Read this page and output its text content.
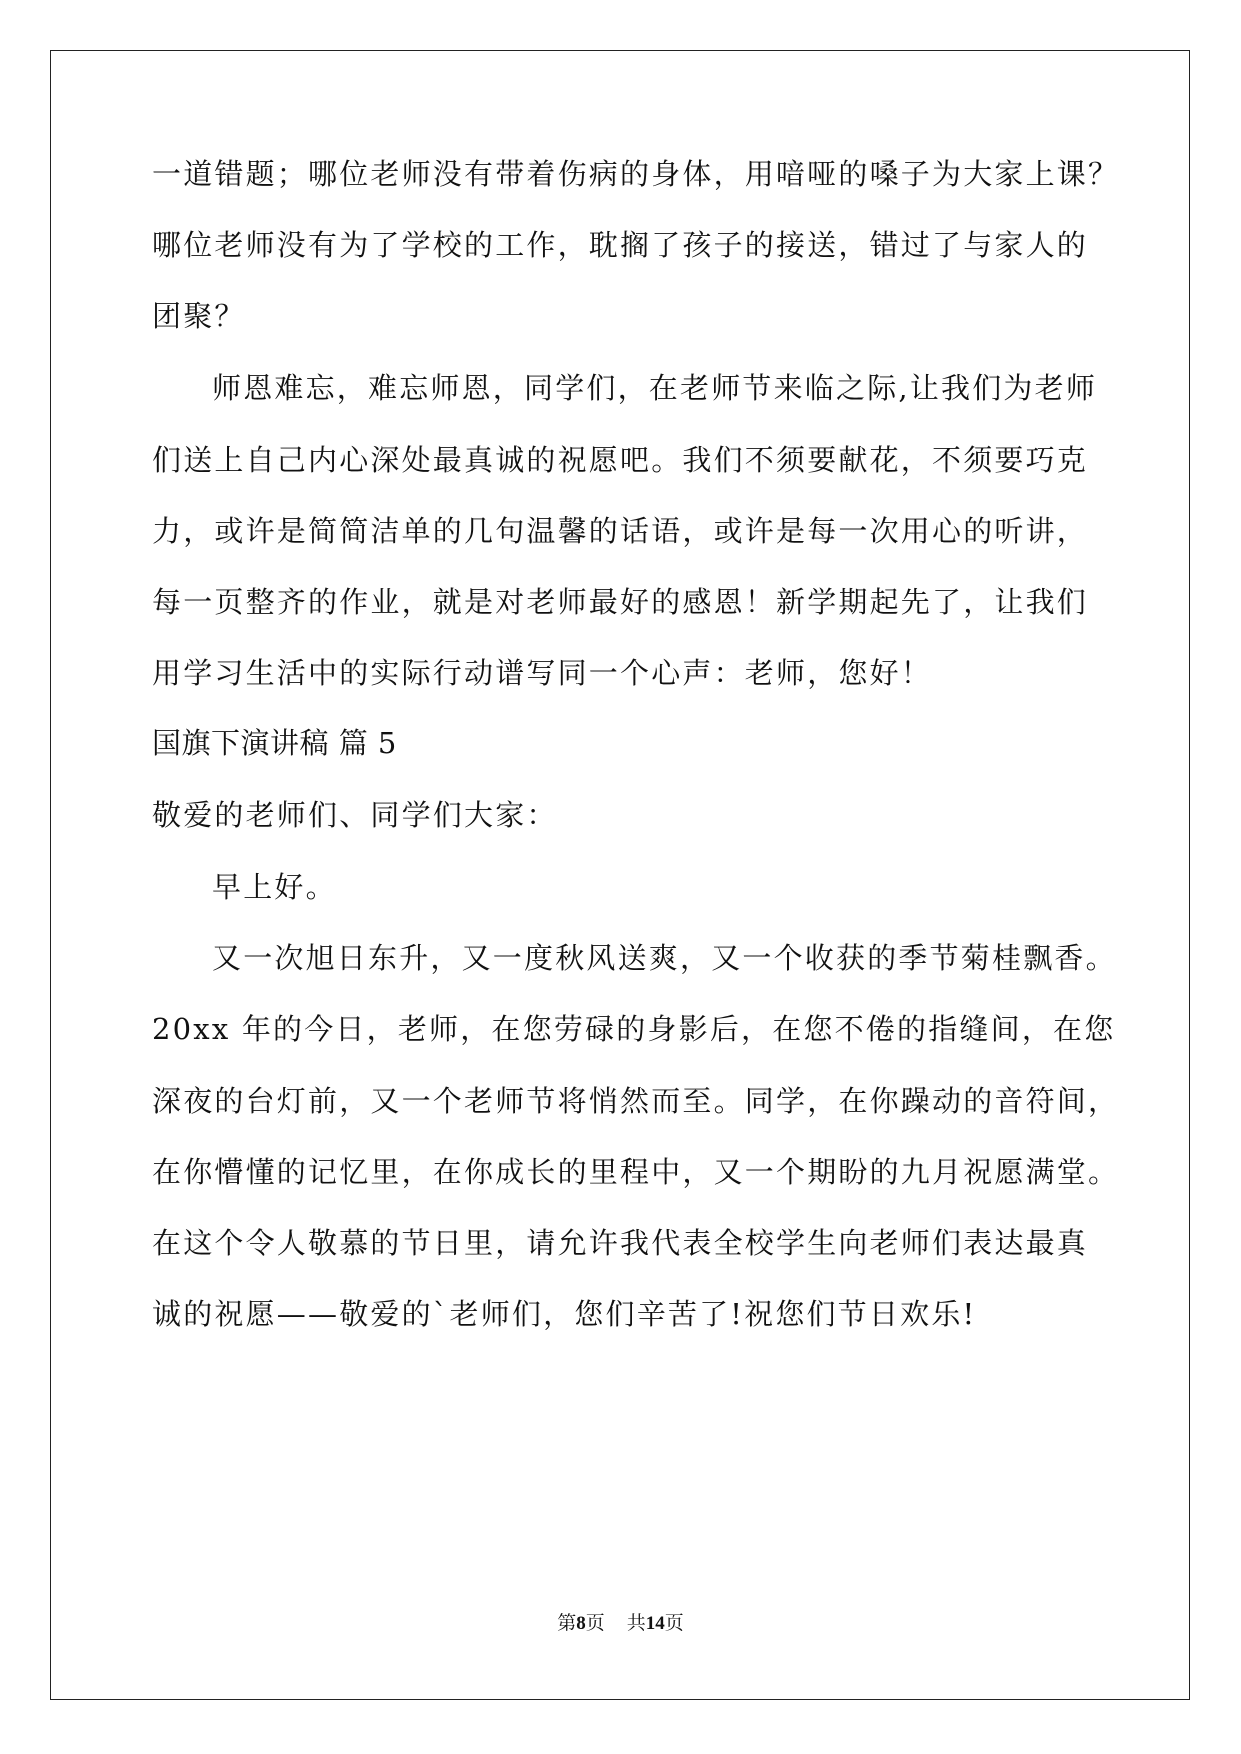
一道错题；哪位老师没有带着伤病的身体，用喑哑的嗓子为大家上课？
哪位老师没有为了学校的工作，耽搁了孩子的接送，错过了与家人的
团聚？
师恩难忘，难忘师恩，同学们，在老师节来临之际,让我们为老师
们送上自己内心深处最真诚的祝愿吧。我们不须要献花，不须要巧克
力，或许是简简洁单的几句温馨的话语，或许是每一次用心的听讲，
每一页整齐的作业，就是对老师最好的感恩！新学期起先了，让我们
用学习生活中的实际行动谱写同一个心声：老师，您好！
国旗下演讲稿 篇 5
敬爱的老师们、同学们大家：
早上好。
又一次旭日东升，又一度秋风送爽，又一个收获的季节菊桂飘香。
20xx 年的今日，老师，在您劳碌的身影后，在您不倦的指缝间，在您
深夜的台灯前，又一个老师节将悄然而至。同学，在你躁动的音符间，
在你懵懂的记忆里，在你成长的里程中，又一个期盼的九月祝愿满堂。
在这个令人敬慕的节日里，请允许我代表全校学生向老师们表达最真
诚的祝愿——敬爱的`老师们，您们辛苦了!祝您们节日欢乐!
第8页 共14页
